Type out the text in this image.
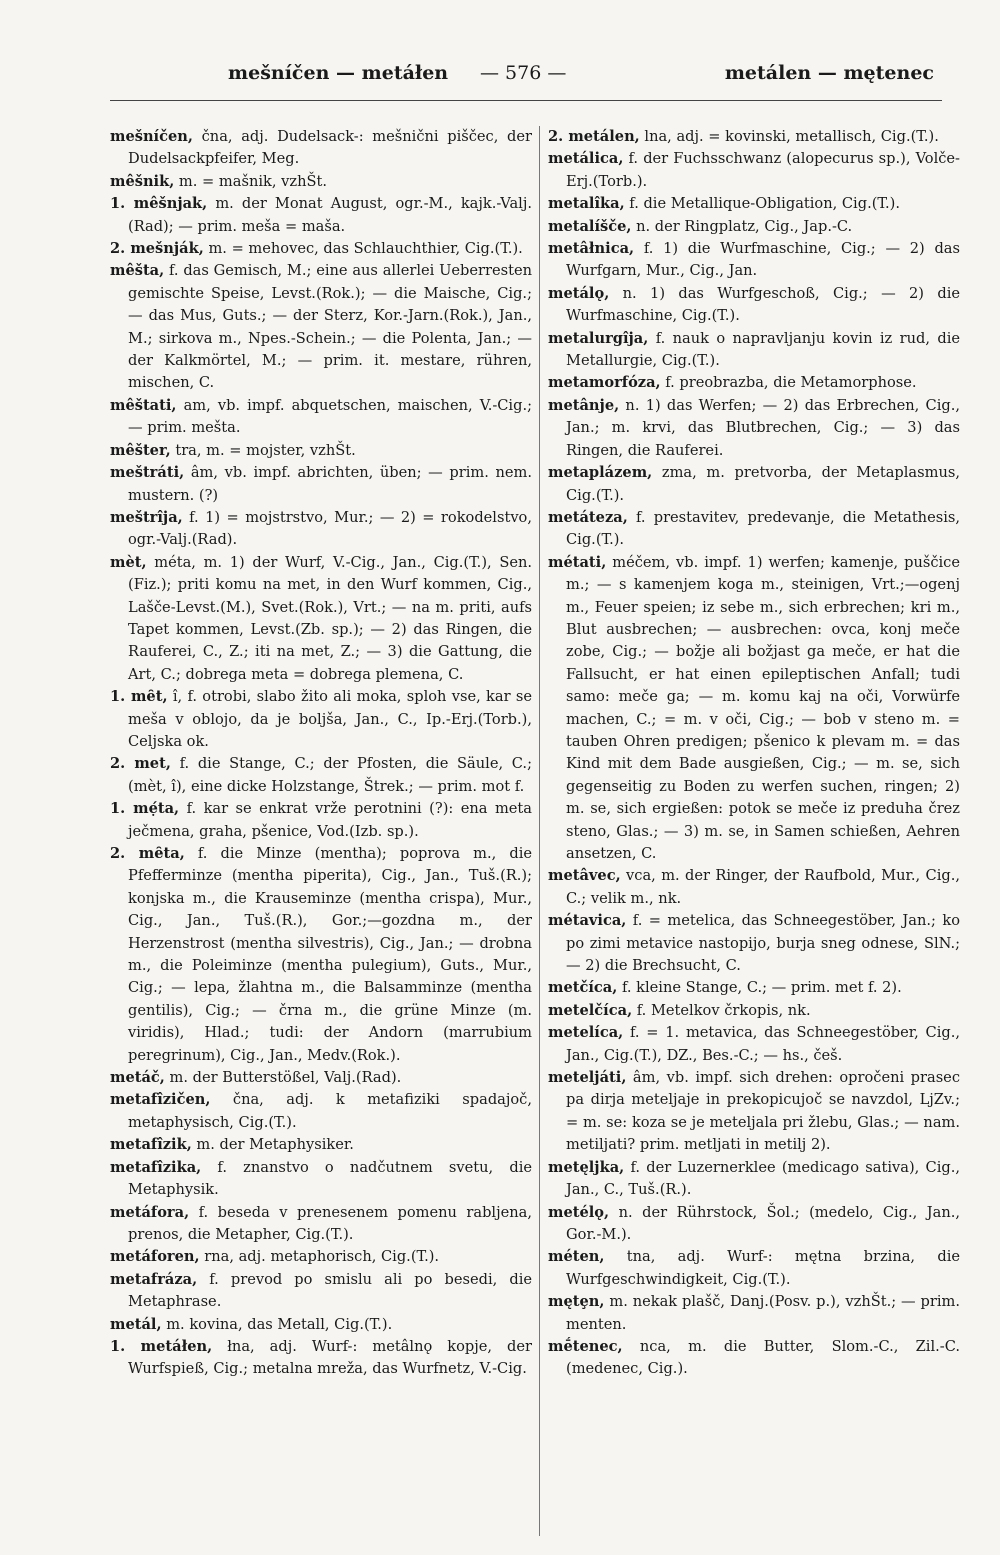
mešníčen — metáłen — 576 —	metálen — mętenec

mešníčen, čna, adj. Dudelsack-: mešnični piščec, der Dudelsackpfeifer, Meg.

mêšnik, m. = mašnik, vzhŠt.

1. mêšnjak, m. der Monat August, ogr.-M., kajk.-Valj.(Rad); — prim. meša = maša.

2. mešnják, m. = mehovec, das Schlauchthier, Cig.(T.).

mêšta, f. das Gemisch, M.; eine aus allerlei Ueberresten gemischte Speise, Levst.(Rok.); — die Maische, Cig.; — das Mus, Guts.; — der Sterz, Kor.-Jarn.(Rok.), Jan., M.; sirkova m., Npes.-Schein.; — die Polenta, Jan.; — der Kalkmörtel, M.; — prim. it. mestare, rühren, mischen, C.

mêštati, am, vb. impf. abquetschen, maischen, V.-Cig.; — prim. mešta.

mêšter, tra, m. = mojster, vzhŠt.

meštráti, âm, vb. impf. abrichten, üben; — prim. nem. mustern. (?)

meštrîja, f. 1) = mojstrstvo, Mur.; — 2) = rokodelstvo, ogr.-Valj.(Rad).

mèt, méta, m. 1) der Wurf, V.-Cig., Jan., Cig.(T.), Sen.(Fiz.); priti komu na met, in den Wurf kommen, Cig., Lašče-Levst.(M.), Svet.(Rok.), Vrt.; — na m. priti, aufs Tapet kommen, Levst.(Zb. sp.); — 2) das Ringen, die Rauferei, C., Z.; iti na met, Z.; — 3) die Gattung, die Art, C.; dobrega meta = dobrega plemena, C.

1. mȇt, î, f. otrobi, slabo žito ali moka, sploh vse, kar se meša v oblojo, da je boljša, Jan., C., Ip.-Erj.(Torb.), Celjska ok.

2. met, f. die Stange, C.; der Pfosten, die Säule, C.; (mèt, î), eine dicke Holzstange, Štrek.; — prim. mot f.

1. mẹ́ta, f. kar se enkrat vrže perotnini (?): ena meta ječmena, graha, pšenice, Vod.(Izb. sp.).

2. mȇta, f. die Minze (mentha); poprova m., die Pfefferminze (mentha piperita), Cig., Jan., Tuš.(R.); konjska m., die Krauseminze (mentha crispa), Mur., Cig., Jan., Tuš.(R.), Gor.;—gozdna m., der Herzenstrost (mentha silvestris), Cig., Jan.; — drobna m., die Poleiminze (mentha pulegium), Guts., Mur., Cig.; — lepa, žlahtna m., die Balsamminze (mentha gentilis), Cig.; — črna m., die grüne Minze (m. viridis), Hlad.; tudi: der Andorn (marrubium peregrinum), Cig., Jan., Medv.(Rok.).

metáč, m. der Butterstößel, Valj.(Rad).

metafîzičen, čna, adj. k metafiziki spadajoč, metaphysisch, Cig.(T.).

metafîzik, m. der Metaphysiker.

metafîzika, f. znanstvo o nadčutnem svetu, die Metaphysik.

metáfora, f. beseda v prenesenem pomenu rabljena, prenos, die Metapher, Cig.(T.).

metáforen, rna, adj. metaphorisch, Cig.(T.).

metafráza, f. prevod po smislu ali po besedi, die Metaphrase.

metál, m. kovina, das Metall, Cig.(T.).

1. metáłen, łna, adj. Wurf-: metâlnǫ kopje, der Wurfspieß, Cig.; metalna mreža, das Wurfnetz, V.-Cig.

2. metálen, lna, adj. = kovinski, metallisch, Cig.(T.).

metálica, f. der Fuchsschwanz (alopecurus sp.), Volče-Erj.(Torb.).

metalîka, f. die Metallique-Obligation, Cig.(T.).

metalíšče, n. der Ringplatz, Cig., Jap.-C.

metâłnica, f. 1) die Wurfmaschine, Cig.; — 2) das Wurfgarn, Mur., Cig., Jan.

metálǫ, n. 1) das Wurfgeschoß, Cig.; — 2) die Wurfmaschine, Cig.(T.).

metalurgîja, f. nauk o napravljanju kovin iz rud, die Metallurgie, Cig.(T.).

metamorfóza, f. preobrazba, die Metamorphose.

metânje, n. 1) das Werfen; — 2) das Erbrechen, Cig., Jan.; m. krvi, das Blutbrechen, Cig.; — 3) das Ringen, die Rauferei.

metaplázem, zma, m. pretvorba, der Metaplasmus, Cig.(T.).

metáteza, f. prestavitev, predevanje, die Metathesis, Cig.(T.).

métati, méčem, vb. impf. 1) werfen; kamenje, puščice m.; — s kamenjem koga m., steinigen, Vrt.;—ogenj m., Feuer speien; iz sebe m., sich erbrechen; kri m., Blut ausbrechen; — ausbrechen: ovca, konj meče zobe, Cig.; — božje ali božjast ga meče, er hat die Fallsucht, er hat einen epileptischen Anfall; tudi samo: meče ga; — m. komu kaj na oči, Vorwürfe machen, C.; = m. v oči, Cig.; — bob v steno m. = tauben Ohren predigen; pšenico k plevam m. = das Kind mit dem Bade ausgießen, Cig.; — m. se, sich gegenseitig zu Boden zu werfen suchen, ringen; 2) m. se, sich ergießen: potok se meče iz preduha črez steno, Glas.; — 3) m. se, in Samen schießen, Aehren ansetzen, C.

metâvec, vca, m. der Ringer, der Raufbold, Mur., Cig., C.; velik m., nk.

métavica, f. = metelica, das Schneegestöber, Jan.; ko po zimi metavice nastopijo, burja sneg odnese, SlN.; — 2) die Brechsucht, C.

metčíca, f. kleine Stange, C.; — prim. met f. 2).

metelčíca, f. Metelkov črkopis, nk.

metelíca, f. = 1. metavica, das Schneegestöber, Cig., Jan., Cig.(T.), DZ., Bes.-C.; — hs., češ.

meteljáti, âm, vb. impf. sich drehen: opročeni prasec pa dirja meteljaje in prekopicujoč se navzdol, LjZv.; = m. se: koza se je meteljala pri žlebu, Glas.; — nam. metiljati? prim. metljati in metilj 2).

metęljka, f. der Luzernerklee (medicago sativa), Cig., Jan., C., Tuš.(R.).

metélǫ, n. der Rührstock, Šol.; (medelo, Cig., Jan., Gor.-M.).

méten, tna, adj. Wurf-: mętna brzina, die Wurfgeschwindigkeit, Cig.(T.).

mętȩn, m. nekak plašč, Danj.(Posv. p.), vzhŠt.; — prim. menten.

mḗtenec, nca, m. die Butter, Slom.-C., Zil.-C.(medenec, Cig.).
